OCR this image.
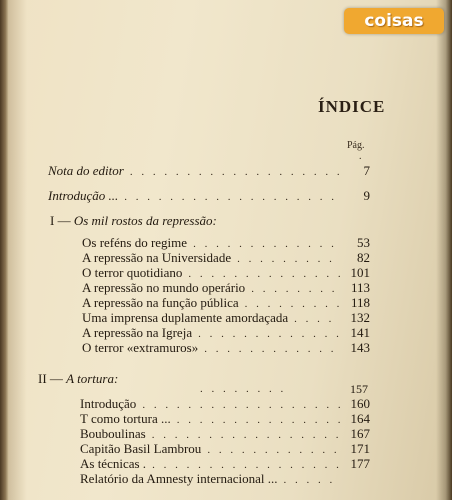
coisas
ÍNDICE
Pág.
.
Nota do editor . . .	7
Introdução ... . . .	9
I — Os mil rostos da repressão:
Os reféns do regime . . .	53
A repressão na Universidade . . .	82
O terror quotidiano . . .	101
A repressão no mundo operário . . .	113
A repressão na função pública . . .	118
Uma imprensa duplamente amordaçada . . .	132
A repressão na Igreja . . .	141
O terror «extramuros» . . .	143
II — A tortura:
. . . . . . . .	157
Introdução . . .	160
T como tortura ... . . .	164
Bouboulinas . . .	167
Capitão Basil Lambrou . . .	171
As técnicas . . . .	177
Relatório da Amnesty internacional ...
. . .
